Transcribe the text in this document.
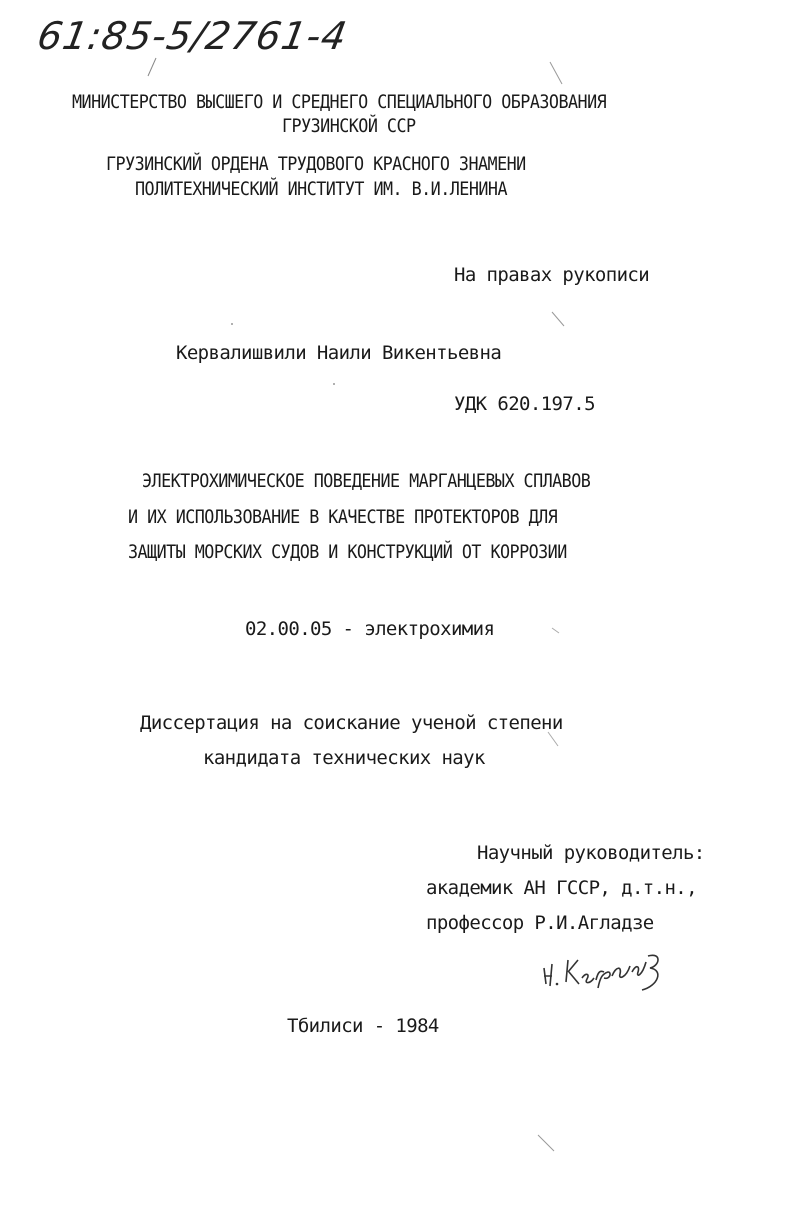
61:85-5/2761-4
МИНИСТЕРСТВО ВЫСШЕГО И СРЕДНЕГО СПЕЦИАЛЬНОГО ОБРАЗОВАНИЯ
ГРУЗИНСКОЙ ССР
ГРУЗИНСКИЙ ОРДЕНА ТРУДОВОГО КРАСНОГО ЗНАМЕНИ
ПОЛИТЕХНИЧЕСКИЙ ИНСТИТУТ ИМ. В.И.ЛЕНИНА
На правах рукописи
Кервалишвили Наили Викентьевна
УДК 620.197.5
ЭЛЕКТРОХИМИЧЕСКОЕ ПОВЕДЕНИЕ МАРГАНЦЕВЫХ СПЛАВОВ
И ИХ ИСПОЛЬЗОВАНИЕ В КАЧЕСТВЕ ПРОТЕКТОРОВ ДЛЯ
ЗАЩИТЫ МОРСКИХ СУДОВ И КОНСТРУКЦИЙ ОТ КОРРОЗИИ
02.00.05 - электрохимия
Диссертация на соискание ученой степени
кандидата технических наук
Научный руководитель:
академик АН ГССР, д.т.н.,
профессор Р.И.Агладзе
Тбилиси - 1984
